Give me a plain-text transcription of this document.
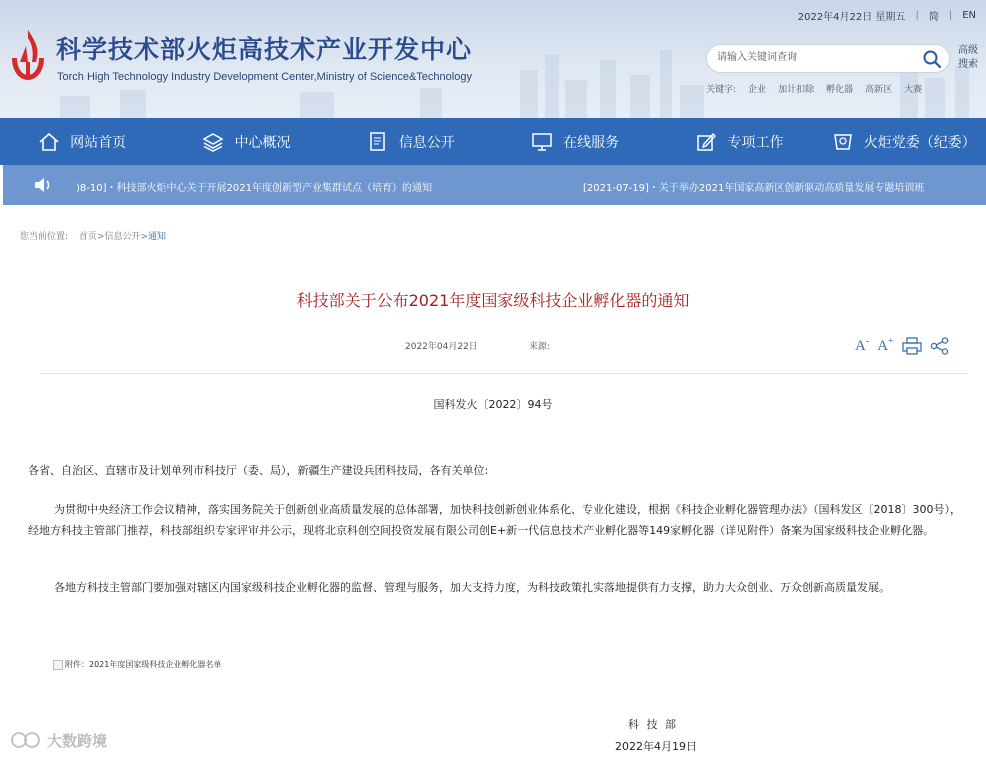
2022年4月22日 星期五 | 简 | EN
科学技术部火炬高技术产业开发中心
Torch High Technology Industry Development Center,Ministry of Science&Technology
请输入关键词查询
高级搜索
关键字: 企业 加计扣除 孵化器 高新区 大赛
网站首页	中心概况	信息公开	在线服务	专项工作	火炬党委（纪委）
)8-10]・科技部火炬中心关于开展2021年度创新型产业集群试点（培育）的通知	[2021-07-19]・关于举办2021年国家高新区创新驱动高质量发展专题培训班
您当前位置: 首页>信息公开>通知
科技部关于公布2021年度国家级科技企业孵化器的通知
2022年04月22日	来源:	A- A+
国科发火〔2022〕94号
各省、自治区、直辖市及计划单列市科技厅（委、局），新疆生产建设兵团科技局，各有关单位:
为贯彻中央经济工作会议精神，落实国务院关于创新创业高质量发展的总体部署，加快科技创新创业体系化、专业化建设，根据《科技企业孵化器管理办法》（国科发区〔2018〕300号），经地方科技主管部门推荐，科技部组织专家评审并公示，现将北京科创空间投资发展有限公司创E+新一代信息技术产业孵化器等149家孵化器（详见附件）备案为国家级科技企业孵化器。
各地方科技主管部门要加强对辖区内国家级科技企业孵化器的监督、管理与服务，加大支持力度，为科技政策扎实落地提供有力支撑，助力大众创业、万众创新高质量发展。
附件：2021年度国家级科技企业孵化器名单
科 技 部
2022年4月19日
大数跨境
